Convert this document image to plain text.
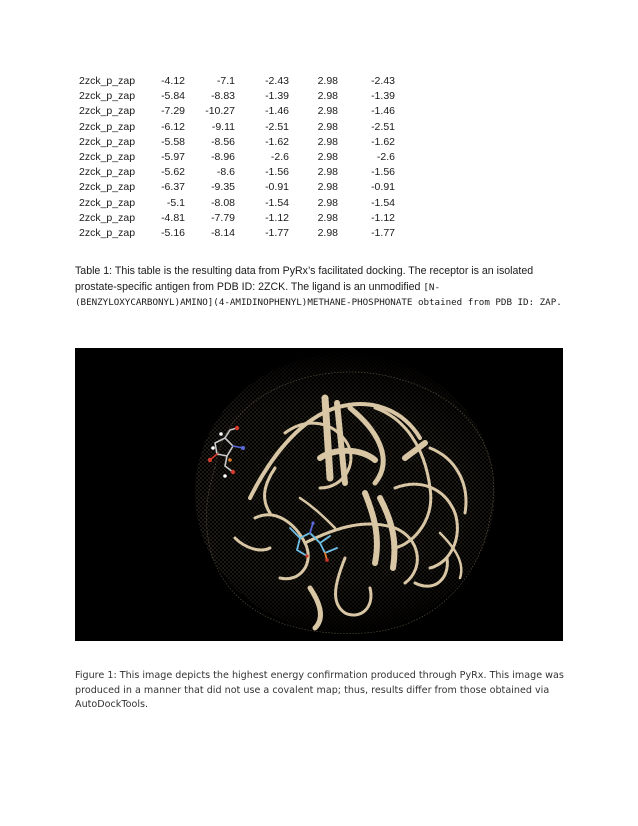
2zck_p_zap	-4.12	-7.1	-2.43	2.98	-2.43
2zck_p_zap	-5.84	-8.83	-1.39	2.98	-1.39
2zck_p_zap	-7.29	-10.27	-1.46	2.98	-1.46
2zck_p_zap	-6.12	-9.11	-2.51	2.98	-2.51
2zck_p_zap	-5.58	-8.56	-1.62	2.98	-1.62
2zck_p_zap	-5.97	-8.96	-2.6	2.98	-2.6
2zck_p_zap	-5.62	-8.6	-1.56	2.98	-1.56
2zck_p_zap	-6.37	-9.35	-0.91	2.98	-0.91
2zck_p_zap	-5.1	-8.08	-1.54	2.98	-1.54
2zck_p_zap	-4.81	-7.79	-1.12	2.98	-1.12
2zck_p_zap	-5.16	-8.14	-1.77	2.98	-1.77
Table 1: This table is the resulting data from PyRx’s facilitated docking. The receptor is an isolated prostate-specific antigen from PDB ID: 2ZCK. The ligand is an unmodified [N-(BENZYLOXYCARBONYL)AMINO](4-AMIDINOPHENYL)METHANE-PHOSPHONATE obtained from PDB ID: ZAP.
Figure 1: This image depicts the highest energy confirmation produced through PyRx. This image was produced in a manner that did not use a covalent map; thus, results differ from those obtained via AutoDockTools.
